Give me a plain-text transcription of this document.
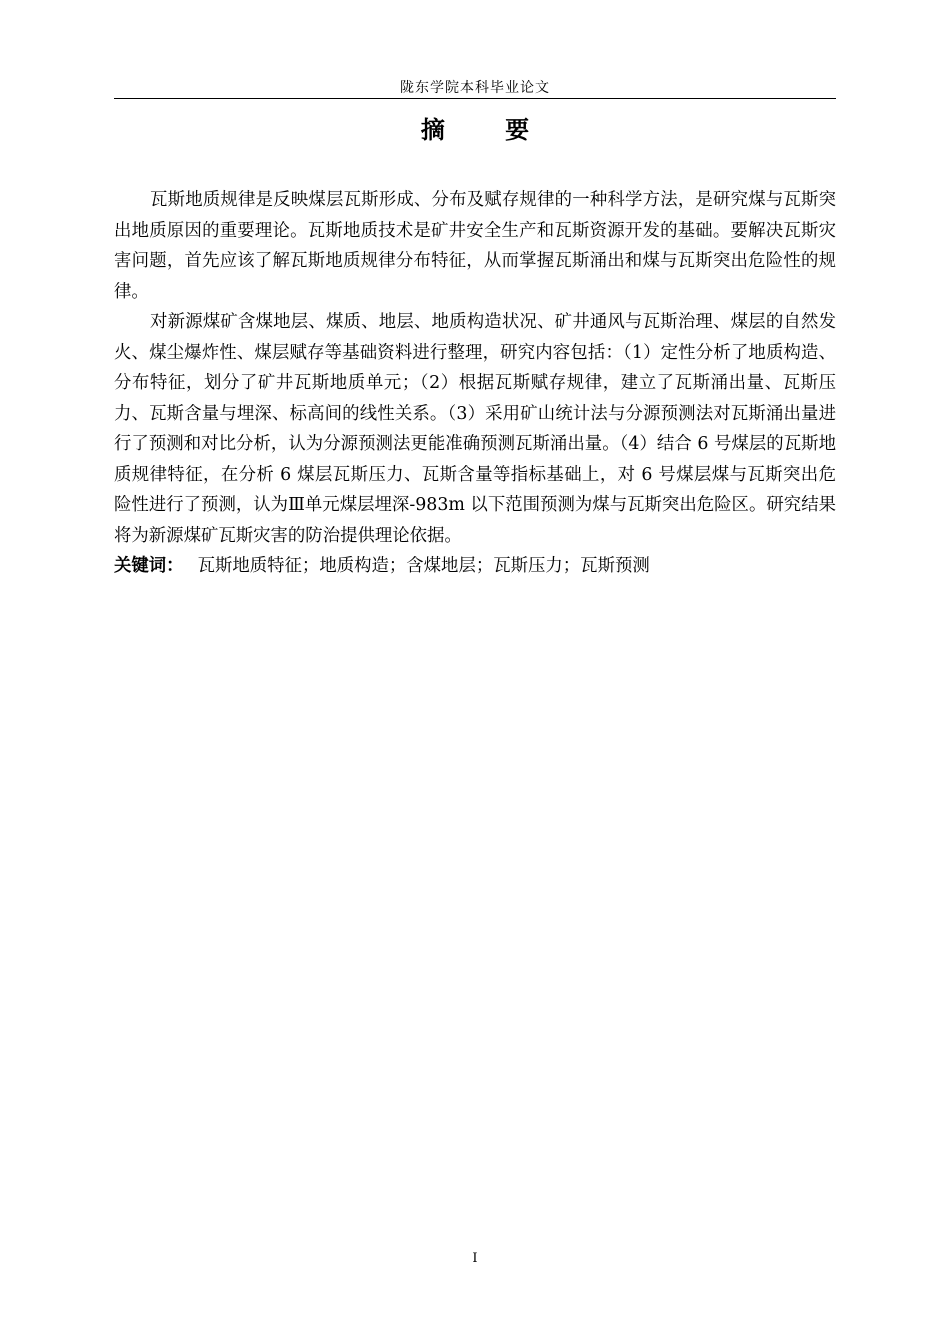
陇东学院本科毕业论文
摘 要

瓦斯地质规律是反映煤层瓦斯形成、分布及赋存规律的一种科学方法，是研究煤与瓦斯突出地质原因的重要理论。瓦斯地质技术是矿井安全生产和瓦斯资源开发的基础。要解决瓦斯灾害问题，首先应该了解瓦斯地质规律分布特征，从而掌握瓦斯涌出和煤与瓦斯突出危险性的规律。

对新源煤矿含煤地层、煤质、地层、地质构造状况、矿井通风与瓦斯治理、煤层的自然发火、煤尘爆炸性、煤层赋存等基础资料进行整理，研究内容包括：（1）定性分析了地质构造、分布特征，划分了矿井瓦斯地质单元；（2）根据瓦斯赋存规律，建立了瓦斯涌出量、瓦斯压力、瓦斯含量与埋深、标高间的线性关系。（3）采用矿山统计法与分源预测法对瓦斯涌出量进行了预测和对比分析，认为分源预测法更能准确预测瓦斯涌出量。（4）结合 6 号煤层的瓦斯地质规律特征，在分析 6 煤层瓦斯压力、瓦斯含量等指标基础上，对 6 号煤层煤与瓦斯突出危险性进行了预测，认为Ⅲ单元煤层埋深-983m 以下范围预测为煤与瓦斯突出危险区。研究结果将为新源煤矿瓦斯灾害的防治提供理论依据。

关键词： 瓦斯地质特征；地质构造；含煤地层；瓦斯压力；瓦斯预测

I
